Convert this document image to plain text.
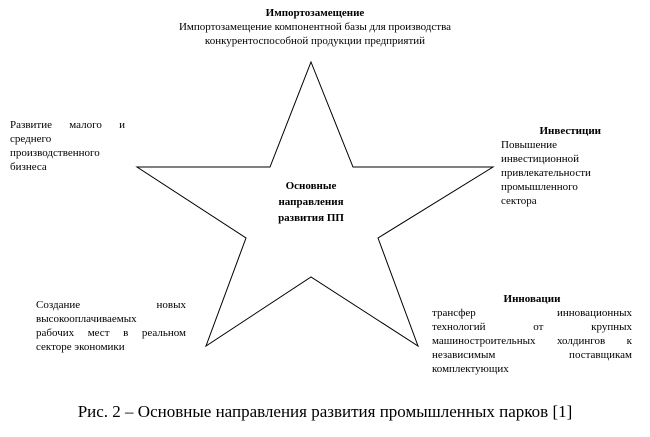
Основные
направления
развития ПП
Импортозамещение
Импортозамещение компонентной базы для производства
конкурентоспособной продукции предприятий
Развитие малого и
среднего
производственного
бизнеса
Инвестиции
Повышение
инвестиционной
привлекательности
промышленного
сектора
Создание новых
высокооплачиваемых
рабочих мест в реальном
секторе экономики
Инновации
трансфер инновационных
технологий от крупных
машиностроительных холдингов к
независимым поставщикам
комплектующих
Рис. 2 – Основные направления развития промышленных парков [1]
